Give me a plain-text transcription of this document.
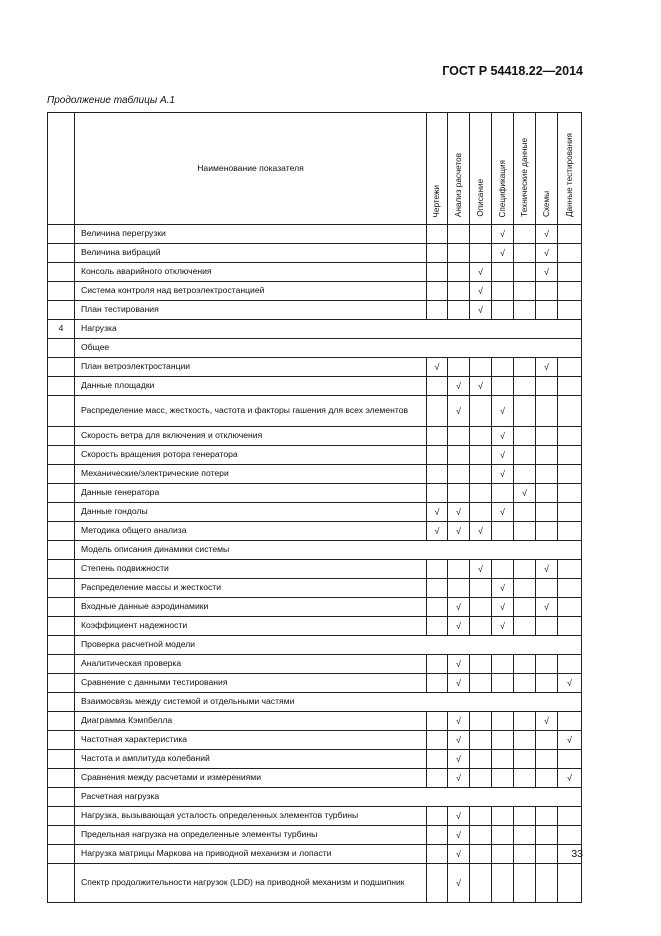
ГОСТ Р 54418.22—2014
Продолжение таблицы А.1
	Наименование показателя	Чертежи	Анализ расчетов	Описание	Спецификация	Технические данные	Схемы	Данные тестирования
	Величина перегрузки				√		√	
	Величина вибраций				√		√	
	Консоль аварийного отключения			√			√	
	Система контроля над ветроэлектростанцией			√				
	План тестирования			√				
4	Нагрузка							
	Общее							
	План ветроэлектростанции	√					√	
	Данные площадки		√	√				
	Распределение масс, жесткость, частота и факторы гашения для всех элементов		√		√			
	Скорость ветра для включения и отключения				√			
	Скорость вращения ротора генератора				√			
	Механические/электрические потери				√			
	Данные генератора					√		
	Данные гондолы	√	√		√			
	Методика общего анализа	√	√	√				
	Модель описания динамики системы							
	Степень подвижности			√			√	
	Распределение массы и жесткости				√			
	Входные данные аэродинамики		√		√		√	
	Коэффициент надежности		√		√			
	Проверка расчетной модели							
	Аналитическая проверка		√					
	Сравнение с данными тестирования		√					√
	Взаимосвязь между системой и отдельными частями							
	Диаграмма Кэмпбелла		√				√	
	Частотная характеристика		√					√
	Частота и амплитуда колебаний		√					
	Сравнения между расчетами и измерениями		√					√
	Расчетная нагрузка							
	Нагрузка, вызывающая усталость определенных элементов турбины		√					
	Предельная нагрузка на определенные элементы турбины		√					
	Нагрузка матрицы Маркова на приводной механизм и лопасти		√					
	Спектр продолжительности нагрузок (LDD) на приводной механизм и подшипник		√					
33
